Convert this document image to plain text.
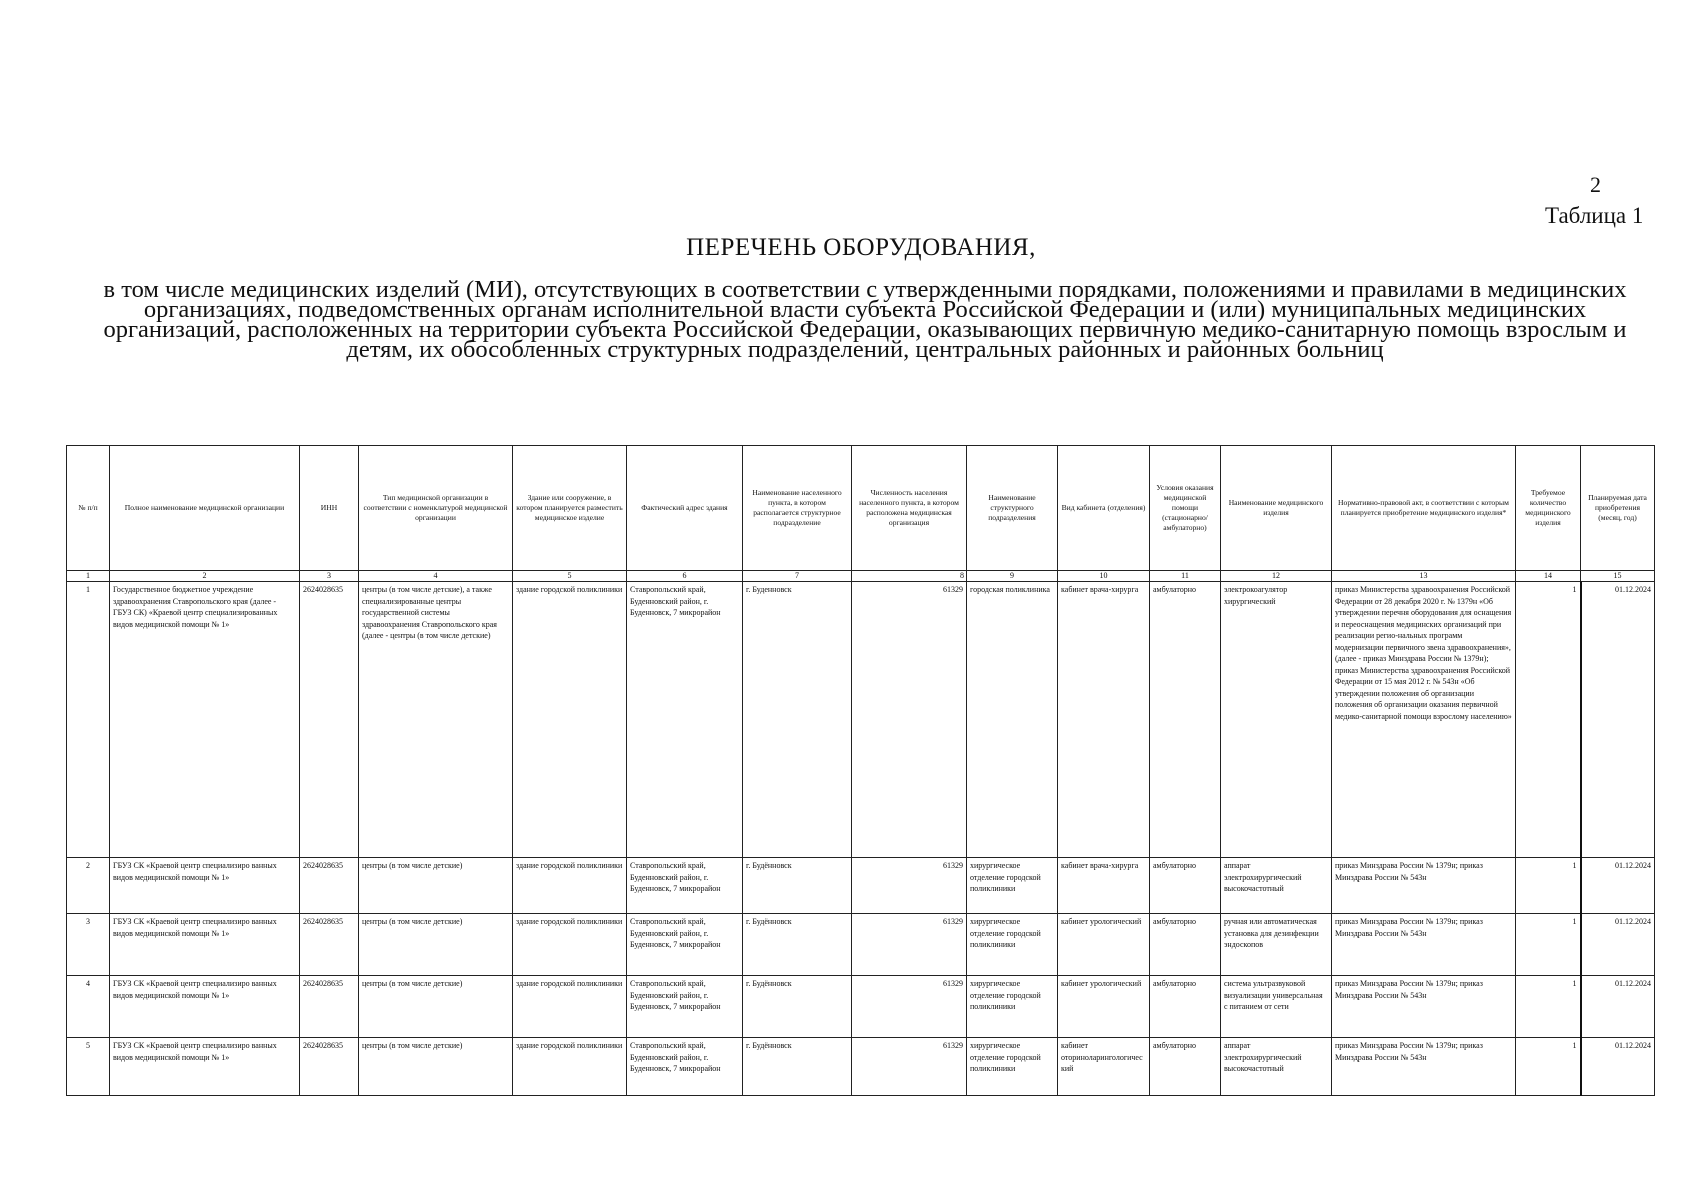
2
Таблица 1
ПЕРЕЧЕНЬ ОБОРУДОВАНИЯ,
в том числе медицинских изделий (МИ), отсутствующих в соответствии с утвержденными порядками, положениями и правилами в медицинских организациях, подведомственных органам исполнительной власти субъекта Российской Федерации и (или) муниципальных медицинских организаций, расположенных на территории субъекта Российской Федерации, оказывающих первичную медико-санитарную помощь взрослым и детям, их обособленных структурных подразделений, центральных районных и районных больниц
№ п/п	Полное наименование медицинской организации	ИНН	Тип медицинской организации в соответствии с номенклатурой медицинской организации	Здание или сооружение, в котором планируется разместить медицинское изделие	Фактический адрес здания	Наименование населенного пункта, в котором располагается структурное подразделение	Численность населения населенного пункта, в котором расположена медицинская организация	Наименование структурного подразделения	Вид кабинета (отделения)	Условия оказания медицинской помощи (стационарно/ амбулаторно)	Наименование медицинского изделия	Нормативно-правовой акт, в соответствии с которым планируется приобретение медицинского изделия*	Требуемое количество медицинского изделия	Планируемая дата приобретения (месяц, год)
1	2	3	4	5	6	7	8	9	10	11	12	13	14	15
1	Государственное бюджетное учреждение здравоохранения Ставропольского края (далее - ГБУЗ СК) «Краевой центр специализированных видов медицинской помощи № 1»	2624028635	центры (в том числе детские), а также специализированные центры государственной системы здравоохранения Ставропольского края (далее - центры (в том числе детские)	здание городской поликлиники	Ставропольский край, Буденновский район, г. Буденновск, 7 микрорайон	г. Буденновск	61329	городская поликлиника	кабинет врача-хирурга	амбулаторно	электрокоагулятор хирургический	приказ Министерства здравоохранения Российской Федерации от 28 декабря 2020 г. № 1379н «Об утверждении перечня оборудования для оснащения и переоснащения медицинских организаций при реализации регио-нальных программ модернизации первичного звена здравоохранения», (далее - приказ Минздрава России № 1379н); приказ Министерства здравоохранения Российской Федерации от 15 мая 2012 г. № 543н «Об утверждении положения об организации положения об организации оказания первичной медико-санитарной помощи взрослому населению»	1	01.12.2024
2	ГБУЗ СК «Краевой центр специализиро ванных видов медицинской помощи № 1»	2624028635	центры (в том числе детские)	здание городской поликлиники	Ставропольский край, Буденновский район, г. Буденновск, 7 микрорайон	г. Будённовск	61329	хирургическое отделение городской поликлиники	кабинет врача-хирурга	амбулаторно	аппарат электрохирургический высокочастотный	приказ Минздрава России № 1379н; приказ Минздрава России № 543н	1	01.12.2024
3	ГБУЗ СК «Краевой центр специализиро ванных видов медицинской помощи № 1»	2624028635	центры (в том числе детские)	здание городской поликлиники	Ставропольский край, Буденновский район, г. Буденновск, 7 микрорайон	г. Будённовск	61329	хирургическое отделение городской поликлиники	кабинет урологический	амбулаторно	ручная или автоматическая установка для дезинфекции эндоскопов	приказ Минздрава России № 1379н; приказ Минздрава России № 543н	1	01.12.2024
4	ГБУЗ СК «Краевой центр специализиро ванных видов медицинской помощи № 1»	2624028635	центры (в том числе детские)	здание городской поликлиники	Ставропольский край, Буденновский район, г. Буденновск, 7 микрорайон	г. Будённовск	61329	хирургическое отделение городской поликлиники	кабинет урологический	амбулаторно	система ультразвуковой визуализации универсальная с питанием от сети	приказ Минздрава России № 1379н; приказ Минздрава России № 543н	1	01.12.2024
5	ГБУЗ СК «Краевой центр специализиро ванных видов медицинской помощи № 1»	2624028635	центры (в том числе детские)	здание городской поликлиники	Ставропольский край, Буденновский район, г. Буденновск, 7 микрорайон	г. Будённовск	61329	хирургическое отделение городской поликлиники	кабинет оториноларингологичес кий	амбулаторно	аппарат электрохирургический высокочастотный	приказ Минздрава России № 1379н; приказ Минздрава России № 543н	1	01.12.2024
